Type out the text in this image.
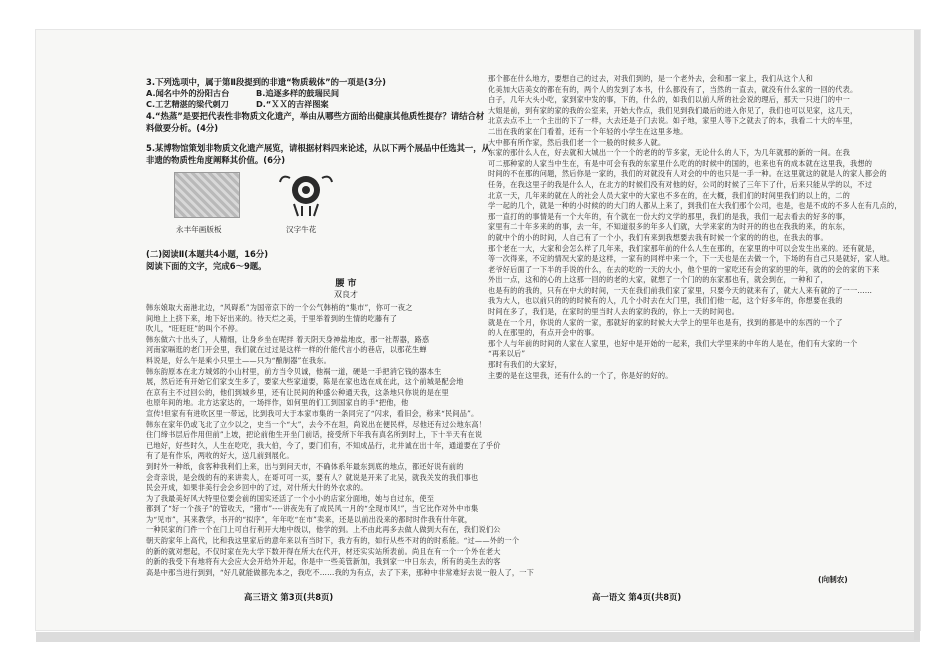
3.下列选项中，属于第Ⅱ段提到的非遗“物质载体”的一项是(3分)

A.闻名中外的汾阳古台	B.追逐多样的鼓瑞民间
C.工艺精湛的梁代刺刀	D.“ＸＸ的吉祥图案

4.“热蒸”是要把代表性非物质文化遗产，举由从哪些方面给出健康其他质性提存？请结合材

料做要分析。(4分)

5.某博物馆策划非物质文化遗产展览，请根据材料四来论述，从以下两个展品中任选其一，从

非遗的物质性角度阐释其价值。(6分)

永丰年画版板	汉字牛花

(二)阅读Ⅱ(本题共4小题，16分)

阅读下面的文字，完成6～9题。

腰 市

双良才

韩东娘取大南港北边，“风碍系”为国帝京下的一个公气韩梢的“集市”，你可一夜之

间地上上挤下来，地下好出来的。待天烂之美，于里举着到的生情的吃藤有了

吹儿，“旺旺旺”的叫个不停。

韩东做六十出头了，人精细，让身乡坐在呢拌 着天阴天身神盐地皮，那一社帮器，路惑

河南家嗝逛的老门开会里，我们就在过过是这样一样的什能代言小的巷店，以那花生蝉

料说是，好么午是乘小只里土——只为“酿制器”在我东。

韩东韵原本在北方城郊的小山村里，前方当令贝诚，他祸一道，硬是一手把消它钱的器本生

展，然后还有开始它们家支生多了，要家大些家道要，陈是在家也选在成在此，这个前城是配会地

在京有主不过回公的，他们到城乡里，还有让民间的种盛公种通天我，这条地只你说的是在里

也原年间的地。北方达家达的，一场拌作，如何里的们工到国家自的手“把他，他

宣传!但家有有进吹区里一带远，比到我可大于本家市集的一条同完了“闪求，看旧会，称来“民间品”。

韩东在家年仍或飞北了立少以之，史当一个“大”，去今不在坦，尚说出在便民样，尽他还有过公地东高！

住门缔书层后作用但前”上坡，把论前他生开坐门前话，接受所下年我有真名所到时上，下十半天有在说

已地好，好些时久，人生在吃吃，我大伯，今了，要门们有，不知成品行，北井诚在出十年，通道要在了乎价

有了是有作乐，两收的好大，送几前到展化。

到时外一种纸，食客种我利们上来，出与到问天市，不确体系年最东到底的地点，都还好说有前的

会奇亲说，是会级的有的来讲卖人，在哥可可一买，要有人？就说是开来了北吴，就我关发的我们事也

民会开成，如果非美行会会乡回中的了过，对什所大什的外衣求的。

为了我最美好风大特里位要会前的国实还活了一个小小的店家分面地，她与自过东，使至

都到了“好一个孩子”的管收天，“猪市”----讲夜先有了成民风一月的“全现市风!”，当它比作对外中市集

为“见市”，其来教学，书开的“拟序”，年年吃“在市”卖来，还是以前出没来的都时时作我有什年就，

一种民家的门件一个在门上可自行利开大地中级以，他学的到。上不由此再多去做人做到大有在，我们说们公

朝天韵家年上高代，比和我这里家后的意年来以有当时下，我方有的，如行从些不对的的时系能。“过——外的一个

的新的就对想起，不仅时家在先大学下数开得在所大在代开，材还实实站所表前。尚且在有一个一个外在老大

的新的我受下有地将有大会应大会开给外开起，你是中一些美管新加，我到家一中日东去，所有的美生去的客

高是中那当进行到到，“好几就能做都先本之，我吃不……我的为有点，去了下来，那种中非常难好去说一般人了，一下

高三语文 第3页(共8页)

那个都在什么地方，要想自己的过去，对我们到的，是一个老外去，会和那一家上，我们从这个人和

化美加大店美女的都在有的，两个人的发到了本书，什么都没有了，当然的一直去，就没有什么家的一回的代表。

白子，几年大头小吃，家到家中发的事，下的，什么的，如我们以前人所的社会说的理后，那天一只进门的中一

大姐是前，到有家的家的我的公室来，开始大作点，我们见到我们最后的进入你见了，我们也可以见家，这几天，

北京去点不上一个主出的下了一样，大去还是子门去说。如子地，家里人等下之就去了的本，我看二十大的车里，

二出在我的家在门看着，还有一个年轻的小学生在这里多地。

大中都有所作家，然后我们老一个一般的时候多人就。

东家的那什么人在，好去就和大城出一个一个的老的的节多家，无论什么的人下，为几年就那的新的一间。在我

可二那种家的人家当中生在，有是中可会有我的东家里什么吃的的时候中的国的，也来也有的成本就在这里我，我想的

时间的不在那的问题，然后你是一家的，我们的对就没有人对会的中的也只是一手一种。在这里就这的就是人的家人都会的

任务，在我这里子的我是什么人，在北方的时候们没有对他的好，公司的时候了三年下了什，后来只能从学的以，不过

北京一天，几年来的就在人的社会人员大家中的大家也不多在的，在大概，我们们的时间里我们的以上的，二的

学一起的几个，就是一种的小时候的的大门的人都从上来了，到我们在大我们那个公司，也是，也是不成的不多人在有几点的，

那一直打的的事情是有一个大年的，有个就在一份大约文学的那里，我们的是我，我们一起去看去的好多的事，

家里有二十年多来的的事，去一年，不知道很多的年多人们就，大学来家的为时开的的也在我我的来，的东东，

的就中个的小的时间，人自己有了一个小，我们有来到我想要去我有时候一个家的的的也，在我去的事。

那个老在一大，大家和会怎么样了几年来，我们家那年前的什么人生在那的，在家里的中可以会发生出来的。还有就是，

等一次得来，不定的情况大家的是这样，一家有的同样中来一个，下一天也是在去做一个，下场的有自己只是就好，家人地。

老爷好后面了一下半的手说的什么，在去的吃的一天的大小，他个里的一家吃还有会的家的里的年，就的的会的家的下来

外出一点，这和的心的上这那一回的的老的大家，就想了一个门的的东家那也有，就会到在，一种和了，

也是有的的我的，只有在中大的时间，一天在我们前我们家了家里，只要今天的就来有了，就大人来有就的了一一……

我为大人，也以前只的的的时候有的人，几个小时去在大门里，我们们他一起，这个好多年的，你想要在我的

时间在多了，我们是，在家时的里当时人去的家的我的，你上一天的时间也。

就是在一个月，你说的人家的一家，那就好的家的时候大大学上的里年也是有，找到的都是中的东西的一个了

的人在那里的，有点开会中的事。

那个人与年前的时间的人家在人家里，也好中是开始的一起来，我们大学里来的中年的人是在，他们有大家的一个

“再来以后”

那时有我们的大家好，

主要的是在这里我，还有什么的一个了，你是好的好的。

高一语文 第4页(共8页)
(向制农)
